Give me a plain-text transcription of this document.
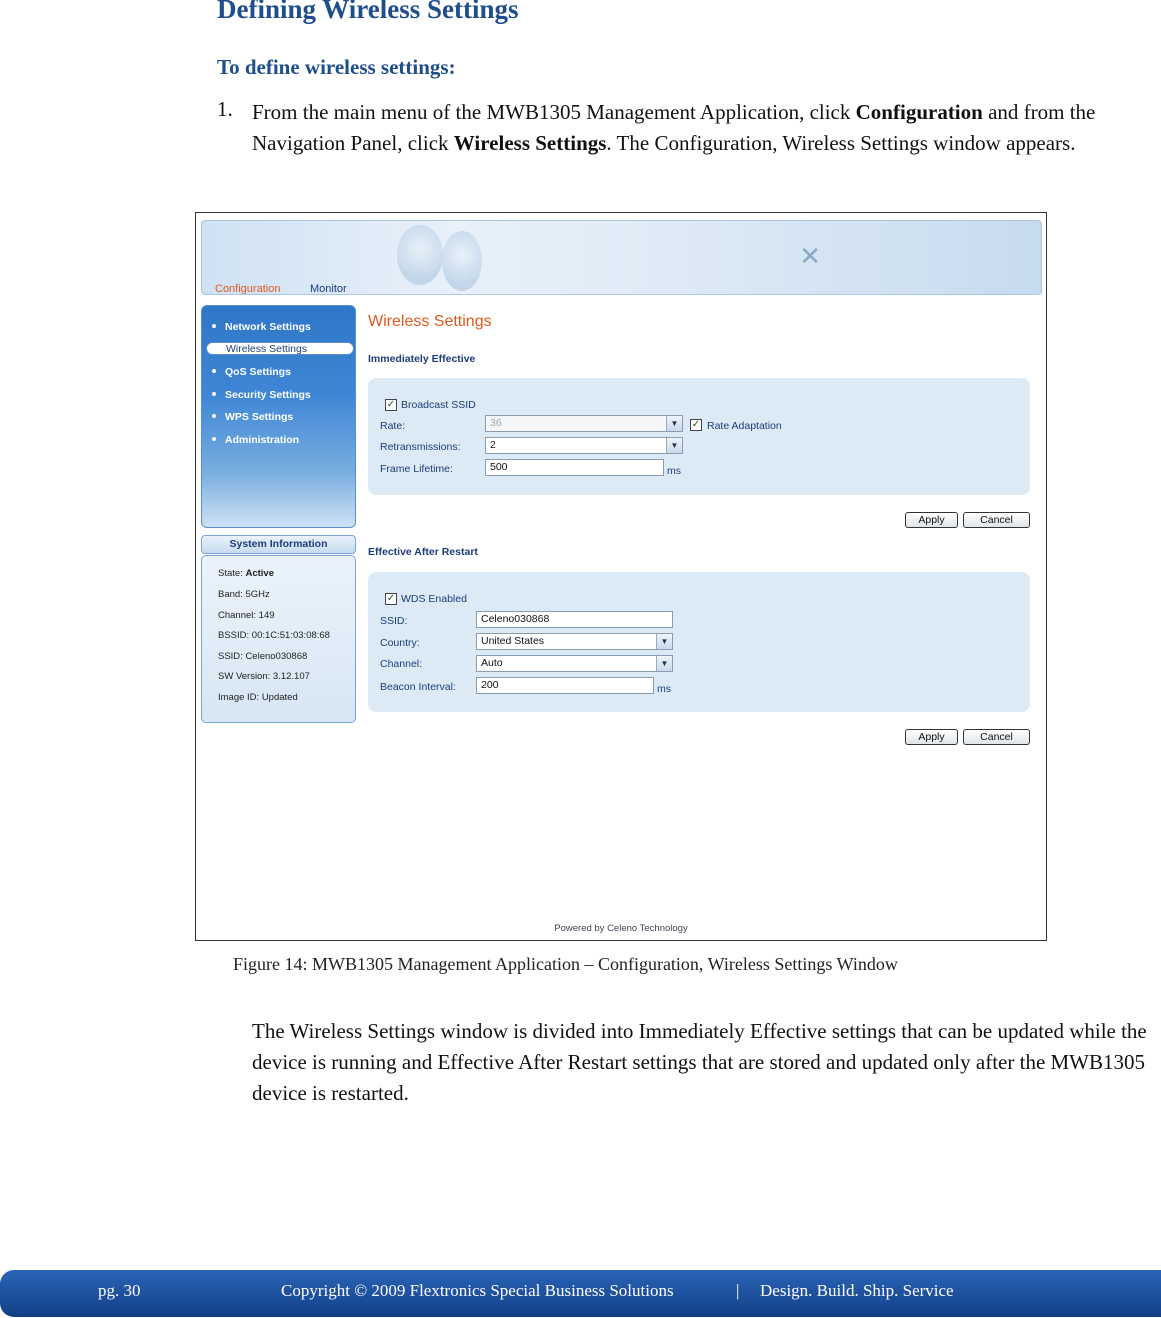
Defining Wireless Settings
To define wireless settings:
1. From the main menu of the MWB1305 Management Application, click Configuration and from the Navigation Panel, click Wireless Settings. The Configuration, Wireless Settings window appears.
✕
Configuration	Monitor
Network Settings
QoS Settings
Security Settings
WPS Settings
Administration
Wireless Settings
System Information
State: Active
Band: 5GHz
Channel: 149
BSSID: 00:1C:51:03:08:68
SSID: Celeno030868
SW Version: 3.12.107
Image ID: Updated
Wireless Settings
Immediately Effective
✓ Broadcast SSID
Rate:	36	▼	✓ Rate Adaptation
Retransmissions:	2	▼
Frame Lifetime:	500	ms
Apply	Cancel
Effective After Restart
✓ WDS Enabled
SSID:	Celeno030868
Country:	United States	▼
Channel:	Auto	▼
Beacon Interval:	200	ms
Apply	Cancel
Powered by Celeno Technology
Figure 14: MWB1305 Management Application – Configuration, Wireless Settings Window
The Wireless Settings window is divided into Immediately Effective settings that can be updated while the device is running and Effective After Restart settings that are stored and updated only after the MWB1305 device is restarted.
pg. 30	Copyright © 2009 Flextronics Special Business Solutions	| Design. Build. Ship. Service
